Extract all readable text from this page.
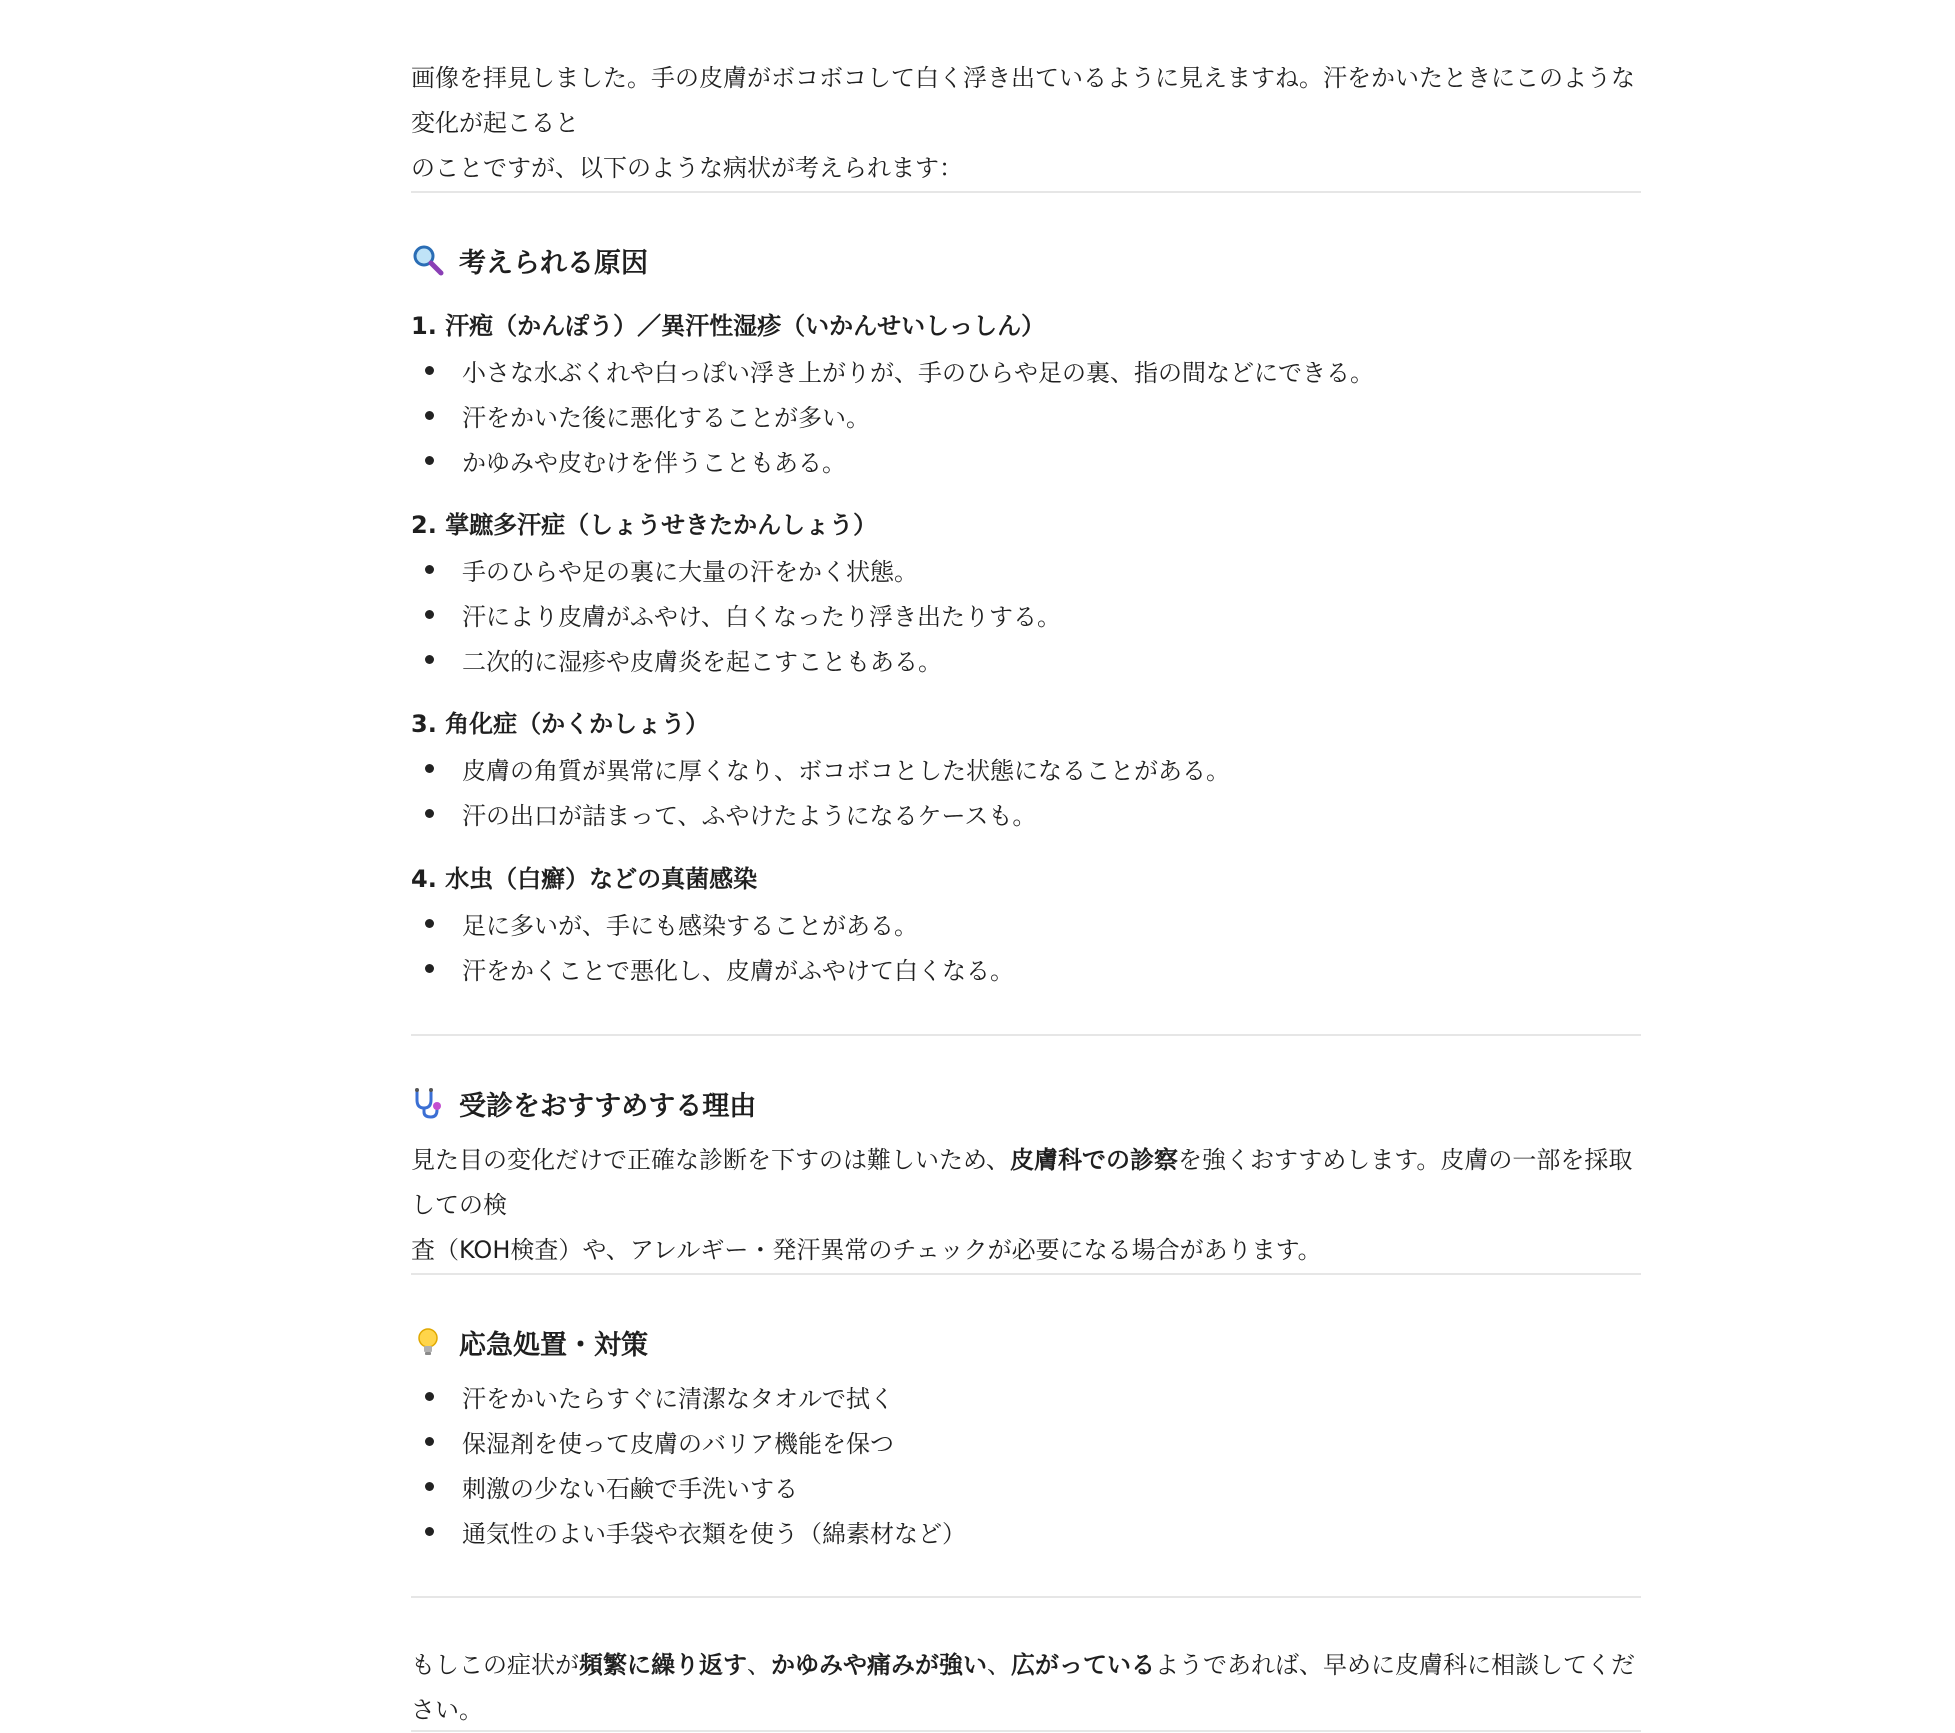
画像を拝見しました。手の皮膚がボコボコして白く浮き出ているように見えますね。汗をかいたときにこのような変化が起こると
のことですが、以下のような病状が考えられます：

考えられる原因
1. 汗疱（かんぽう）／異汗性湿疹（いかんせいしっしん）
小さな水ぶくれや白っぽい浮き上がりが、手のひらや足の裏、指の間などにできる。
汗をかいた後に悪化することが多い。
かゆみや皮むけを伴うこともある。
2. 掌蹠多汗症（しょうせきたかんしょう）
手のひらや足の裏に大量の汗をかく状態。
汗により皮膚がふやけ、白くなったり浮き出たりする。
二次的に湿疹や皮膚炎を起こすこともある。
3. 角化症（かくかしょう）
皮膚の角質が異常に厚くなり、ボコボコとした状態になることがある。
汗の出口が詰まって、ふやけたようになるケースも。
4. 水虫（白癬）などの真菌感染
足に多いが、手にも感染することがある。
汗をかくことで悪化し、皮膚がふやけて白くなる。
受診をおすすめする理由

見た目の変化だけで正確な診断を下すのは難しいため、皮膚科での診察を強くおすすめします。皮膚の一部を採取しての検
査（KOH検査）や、アレルギー・発汗異常のチェックが必要になる場合があります。

応急処置・対策
汗をかいたらすぐに清潔なタオルで拭く
保湿剤を使って皮膚のバリア機能を保つ
刺激の少ない石鹸で手洗いする
通気性のよい手袋や衣類を使う（綿素材など）

もしこの症状が頻繁に繰り返す、かゆみや痛みが強い、広がっているようであれば、早めに皮膚科に相談してください。
